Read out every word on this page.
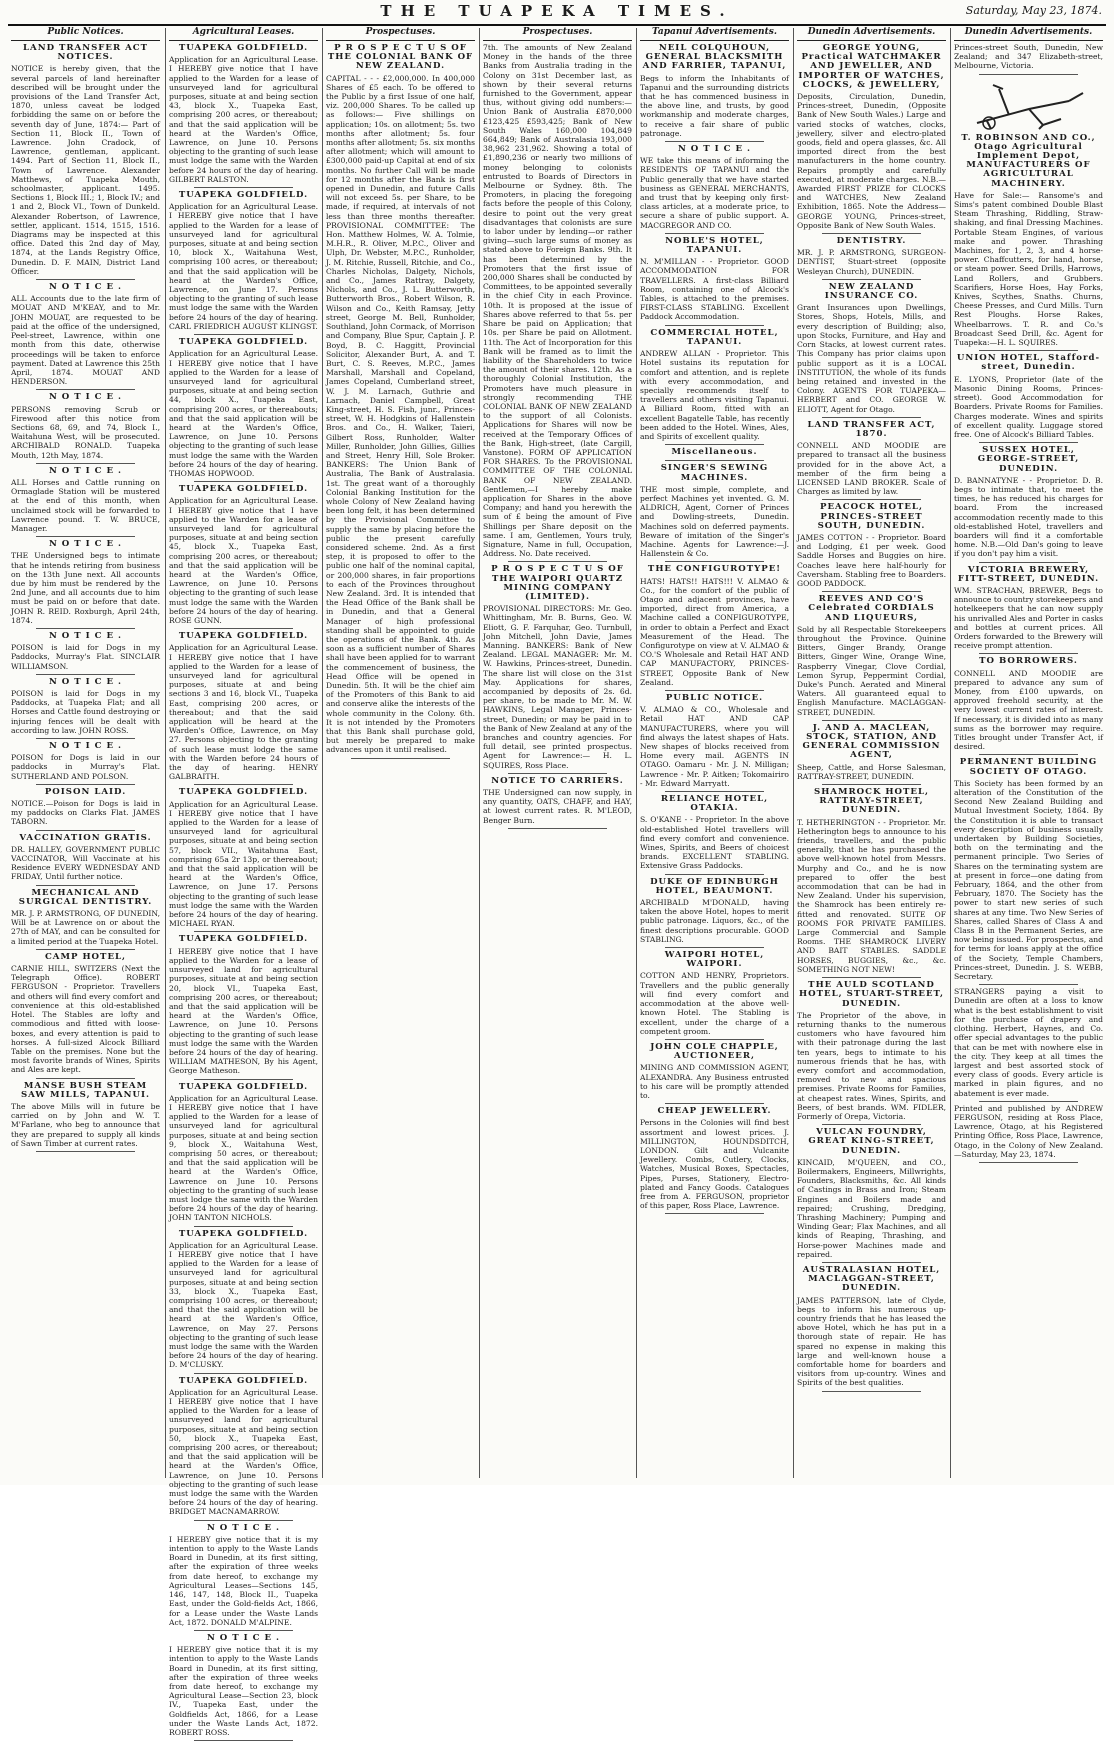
THE TUAPEKA TIMES.	Saturday, May 23, 1874.
Public Notices.
LAND TRANSFER ACT NOTICES.

NOTICE is hereby given, that the several parcels of land hereinafter described will be brought under the provisions of the Land Transfer Act, 1870, unless caveat be lodged forbidding the same on or before the seventh day of June, 1874:— Part of Section 11, Block II., Town of Lawrence. John Cradock, of Lawrence, gentleman, applicant. 1494. Part of Section 11, Block II., Town of Lawrence. Alexander Matthews, of Tuapeka Mouth, schoolmaster, applicant. 1495. Sections 1, Block III.; 1, Block IV.; and 1 and 2, Block VI., Town of Dunkeld. Alexander Robertson, of Lawrence, settler, applicant. 1514, 1515, 1516. Diagrams may be inspected at this office. Dated this 2nd day of May, 1874, at the Lands Registry Office, Dunedin. D. F. MAIN, District Land Officer.

N O T I C E .

ALL Accounts due to the late firm of MOUAT AND M'KEAY, and to Mr. JOHN MOUAT, are requested to be paid at the office of the undersigned, Peel-street, Lawrence, within one month from this date, otherwise proceedings will be taken to enforce payment. Dated at Lawrence this 25th April, 1874. MOUAT AND HENDERSON.

N O T I C E .

PERSONS removing Scrub or Firewood after this notice from Sections 68, 69, and 74, Block I., Waitahuna West, will be prosecuted. ARCHIBALD RONALD. Tuapeka Mouth, 12th May, 1874.

N O T I C E .

ALL Horses and Cattle running on Ormaglade Station will be mustered at the end of this month, when unclaimed stock will be forwarded to Lawrence pound. T. W. BRUCE, Manager.

N O T I C E .

THE Undersigned begs to intimate that he intends retiring from business on the 13th June next. All accounts due by him must be rendered by the 2nd June, and all accounts due to him must be paid on or before that date. JOHN R. REID. Roxburgh, April 24th, 1874.

N O T I C E .

POISON is laid for Dogs in my Paddocks, Murray's Flat. SINCLAIR WILLIAMSON.

N O T I C E .

POISON is laid for Dogs in my Paddocks, at Tuapeka Flat; and all Horses and Cattle found destroying or injuring fences will be dealt with according to law. JOHN ROSS.

N O T I C E .

POISON for Dogs is laid in our paddocks in Murray's Flat. SUTHERLAND AND POLSON.

POISON LAID.

NOTICE.—Poison for Dogs is laid in my paddocks on Clarks Flat. JAMES TABORN.

VACCINATION GRATIS.

DR. HALLEY, GOVERNMENT PUBLIC VACCINATOR, Will Vaccinate at his Residence EVERY WEDNESDAY AND FRIDAY, Until further notice.

MECHANICAL AND SURGICAL DENTISTRY.

MR. J. P. ARMSTRONG, OF DUNEDIN, Will be at Lawrence on or about the 27th of MAY, and can be consulted for a limited period at the Tuapeka Hotel.

CAMP HOTEL,

CARNIE HILL, SWITZERS (Next the Telegraph Office). ROBERT FERGUSON - Proprietor. Travellers and others will find every comfort and convenience at this old-established Hotel. The Stables are lofty and commodious and fitted with loose-boxes, and every attention is paid to horses. A full-sized Alcock Billiard Table on the premises. None but the most favorite brands of Wines, Spirits and Ales are kept.

MANSE BUSH STEAM SAW MILLS, TAPANUI.

The above Mills will in future be carried on by John and W. T. M'Farlane, who beg to announce that they are prepared to supply all kinds of Sawn Timber at current rates.

Agricultural Leases.
TUAPEKA GOLDFIELD.

Application for an Agricultural Lease. I HEREBY give notice that I have applied to the Warden for a lease of unsurveyed land for agricultural purposes, situate at and being section 43, block X., Tuapeka East, comprising 200 acres, or thereabout; and that the said application will be heard at the Warden's Office, Lawrence, on June 10. Persons objecting to the granting of such lease must lodge the same with the Warden before 24 hours of the day of hearing. GILBERT RALSTON.

TUAPEKA GOLDFIELD.

Application for an Agricultural Lease. I HEREBY give notice that I have applied to the Warden for a lease of unsurveyed land for agricultural purposes, situate at and being section 10, block X., Waitahuna West, comprising 100 acres, or thereabout; and that the said application will be heard at the Warden's Office, Lawrence, on June 17. Persons objecting to the granting of such lease must lodge the same with the Warden before 24 hours of the day of hearing. CARL FRIEDRICH AUGUST KLINGST.

TUAPEKA GOLDFIELD.

Application for an Agricultural Lease. I HEREBY give notice that I have applied to the Warden for a lease of unsurveyed land for agricultural purposes, situate at and being section 44, block X., Tuapeka East, comprising 200 acres, or thereabouts; and that the said application will be heard at the Warden's Office, Lawrence, on June 10. Persons objecting to the granting of such lease must lodge the same with the Warden before 24 hours of the day of hearing. THOMAS HOPWOOD.

TUAPEKA GOLDFIELD.

Application for an Agricultural Lease. I HEREBY give notice that I have applied to the Warden for a lease of unsurveyed land for agricultural purposes, situate at and being section 45, block X., Tuapeka East, comprising 200 acres, or thereabout; and that the said application will be heard at the Warden's Office, Lawrence, on June 10. Persons objecting to the granting of such lease must lodge the same with the Warden before 24 hours of the day of hearing. ROSE GUNN.

TUAPEKA GOLDFIELD.

Application for an Agricultural Lease. I HEREBY give notice that I have applied to the Warden for a lease of unsurveyed land for agricultural purposes, situate at and being sections 3 and 16, block VI., Tuapeka East, comprising 200 acres, or thereabout; and that the said application will be heard at the Warden's Office, Lawrence, on May 27. Persons objecting to the granting of such lease must lodge the same with the Warden before 24 hours of the day of hearing. HENRY GALBRAITH.

TUAPEKA GOLDFIELD.

Application for an Agricultural Lease. I HEREBY give notice that I have applied to the Warden for a lease of unsurveyed land for agricultural purposes, situate at and being section 57, block VII., Waitahuna East, comprising 65a 2r 13p, or thereabout; and that the said application will be heard at the Warden's Office, Lawrence, on June 17. Persons objecting to the granting of such lease must lodge the same with the Warden before 24 hours of the day of hearing. MICHAEL RYAN.

TUAPEKA GOLDFIELD.

I HEREBY give notice that I have applied to the Warden for a lease of unsurveyed land for agricultural purposes, situate at and being section 20, block VI., Tuapeka East, comprising 200 acres, or thereabout; and that the said application will be heard at the Warden's Office, Lawrence, on June 10. Persons objecting to the granting of such lease must lodge the same with the Warden before 24 hours of the day of hearing. WILLIAM MATHESON, By his Agent, George Matheson.

TUAPEKA GOLDFIELD.

Application for an Agricultural Lease. I HEREBY give notice that I have applied to the Warden for a lease of unsurveyed land for agricultural purposes, situate at and being section 9, block X., Waitahuna West, comprising 50 acres, or thereabout; and that the said application will be heard at the Warden's Office, Lawrence on June 10. Persons objecting to the granting of such lease must lodge the same with the Warden before 24 hours of the day of hearing. JOHN TANTON NICHOLS.

TUAPEKA GOLDFIELD.

Application for an Agricultural Lease. I HEREBY give notice that I have applied to the Warden for a lease of unsurveyed land for agricultural purposes, situate at and being section 33, block X., Tuapeka East, comprising 100 acres, or thereabout; and that the said application will be heard at the Warden's Office, Lawrence, on May 27. Persons objecting to the granting of such lease must lodge the same with the Warden before 24 hours of the day of hearing. D. M'CLUSKY.

TUAPEKA GOLDFIELD.

Application for an Agricultural Lease. I HEREBY give notice that I have applied to the Warden for a lease of unsurveyed land for agricultural purposes, situate at and being section 50, block X., Tuapeka East, comprising 200 acres, or thereabout; and that the said application will be heard at the Warden's Office, Lawrence, on June 10. Persons objecting to the granting of such lease must lodge the same with the Warden before 24 hours of the day of hearing. BRIDGET MACNAMARROW.

N O T I C E .

I HEREBY give notice that it is my intention to apply to the Waste Lands Board in Dunedin, at its first sitting, after the expiration of three weeks from date hereof, to exchange my Agricultural Leases—Sections 145, 146, 147, 148, Block II., Tuapeka East, under the Gold-fields Act, 1866, for a Lease under the Waste Lands Act, 1872. DONALD M'ALPINE.

N O T I C E .

I HEREBY give notice that it is my intention to apply to the Waste Lands Board in Dunedin, at its first sitting, after the expiration of three weeks from date hereof, to exchange my Agricultural Lease—Section 23, block IV., Tuapeka East, under the Goldfields Act, 1866, for a Lease under the Waste Lands Act, 1872. ROBERT ROSS.

Prospectuses.
P R O S P E C T U S OF THE COLONIAL BANK OF NEW ZEALAND.

CAPITAL - - - £2,000,000. In 400,000 Shares of £5 each. To be offered to the Public by a first Issue of one half, viz. 200,000 Shares. To be called up as follows:— Five shillings on application; 10s. on allotment; 5s. two months after allotment; 5s. four months after allotment; 5s. six months after allotment; which will amount to £300,000 paid-up Capital at end of six months. No further Call will be made for 12 months after the Bank is first opened in Dunedin, and future Calls will not exceed 5s. per Share, to be made, if required, at intervals of not less than three months thereafter. PROVISIONAL COMMITTEE: The Hon. Matthew Holmes, W. A. Tolmie, M.H.R., R. Oliver, M.P.C., Oliver and Ulph, Dr. Webster, M.P.C., Runholder, J. M. Ritchie, Russell, Ritchie, and Co., Charles Nicholas, Dalgety, Nichols, and Co., James Rattray, Dalgety, Nichols, and Co., J. L. Butterworth, Butterworth Bros., Robert Wilson, R. Wilson and Co., Keith Ramsay, Jetty street, George M. Bell, Runholder, Southland, John Cormack, of Morrison and Company, Blue Spur, Captain J. P. Boyd, B. C. Haggitt, Provincial Solicitor, Alexander Burt, A. and T. Burt, C. S. Reeves, M.P.C., James Marshall, Marshall and Copeland, James Copeland, Cumberland street, W. J. M. Larnach, Guthrie and Larnach, Daniel Campbell, Great King-street, H. S. Fish, junr., Princes-street, W. H. Hodgkins of Hallenstein Bros. and Co., H. Walker, Taieri, Gilbert Ross, Runholder, Walter Miller, Runholder, John Gillies, Gillies and Street, Henry Hill, Sole Broker. BANKERS: The Union Bank of Australia, The Bank of Australasia. 1st. The great want of a thoroughly Colonial Banking Institution for the whole Colony of New Zealand having been long felt, it has been determined by the Provisional Committee to supply the same by placing before the public the present carefully considered scheme. 2nd. As a first step, it is proposed to offer to the public one half of the nominal capital, or 200,000 shares, in fair proportions to each of the Provinces throughout New Zealand. 3rd. It is intended that the Head Office of the Bank shall be in Dunedin, and that a General Manager of high professional standing shall be appointed to guide the operations of the Bank. 4th. As soon as a sufficient number of Shares shall have been applied for to warrant the commencement of business, the Head Office will be opened in Dunedin. 5th. It will be the chief aim of the Promoters of this Bank to aid and conserve alike the interests of the whole community in the Colony. 6th. It is not intended by the Promoters that this Bank shall purchase gold, but merely be prepared to make advances upon it until realised.

Prospectuses.

7th. The amounts of New Zealand Money in the hands of the three Banks from Australia trading in the Colony on 31st December last, as shown by their several returns furnished to the Government, appear thus, without giving odd numbers:— Union Bank of Australia £870,000 £123,425 £593,425; Bank of New South Wales 160,000 104,849 664,849; Bank of Australasia 193,000 38,962 231,962. Showing a total of £1,890,236 or nearly two millions of money belonging to colonists entrusted to Boards of Directors in Melbourne or Sydney. 8th. The Promoters, in placing the foregoing facts before the people of this Colony, desire to point out the very great disadvantages that colonists are sure to labor under by lending—or rather giving—such large sums of money as stated above to Foreign Banks. 9th. It has been determined by the Promoters that the first issue of 200,000 Shares shall be conducted by Committees, to be appointed severally in the chief City in each Province. 10th. It is proposed at the issue of Shares above referred to that 5s. per Share be paid on Application; that 10s. per Share be paid on Allotment. 11th. The Act of Incorporation for this Bank will be framed as to limit the liability of the Shareholders to twice the amount of their shares. 12th. As a thoroughly Colonial Institution, the Promoters have much pleasure in strongly recommending THE COLONIAL BANK OF NEW ZEALAND to the support of all Colonists. Applications for Shares will now be received at the Temporary Offices of the Bank, High-street, (late Cargill, Vanstone). FORM OF APPLICATION FOR SHARES. To the PROVISIONAL COMMITTEE OF THE COLONIAL BANK OF NEW ZEALAND. Gentlemen,—I hereby make application for Shares in the above Company; and hand you herewith the sum of £ being the amount of Five Shillings per Share deposit on the same. I am, Gentlemen, Yours truly, Signature, Name in full, Occupation, Address. No. Date received.

P R O S P E C T U S OF THE WAIPORI QUARTZ MINING COMPANY (LIMITED).

PROVISIONAL DIRECTORS: Mr. Geo. Whittingham, Mr. B. Burns, Geo. W. Eliott, G. F. Farquhar, Geo. Turnbull, John Mitchell, John Davie, James Manning. BANKERS: Bank of New Zealand. LEGAL MANAGER: Mr. M. W. Hawkins, Princes-street, Dunedin. The share list will close on the 31st May. Applications for shares, accompanied by deposits of 2s. 6d. per share, to be made to Mr. M. W. HAWKINS, Legal Manager, Princes-street, Dunedin; or may be paid in to the Bank of New Zealand at any of the branches and country agencies. For full detail, see printed prospectus. Agent for Lawrence:— H. L. SQUIRES, Ross Place.

NOTICE TO CARRIERS.

THE Undersigned can now supply, in any quantity, OATS, CHAFF, and HAY, at lowest current rates. R. M'LEOD, Benger Burn.

Tapanui Advertisements.
NEIL COLQUHOUN, GENERAL BLACKSMITH AND FARRIER, TAPANUI,

Begs to inform the Inhabitants of Tapanui and the surrounding districts that he has commenced business in the above line, and trusts, by good workmanship and moderate charges, to receive a fair share of public patronage.

N O T I C E .

WE take this means of informing the RESIDENTS OF TAPANUI and the Public generally that we have started business as GENERAL MERCHANTS, and trust that by keeping only first-class articles, at a moderate price, to secure a share of public support. A. MACGREGOR AND CO.

NOBLE'S HOTEL, TAPANUI.

N. M'MILLAN - - Proprietor. GOOD ACCOMMODATION FOR TRAVELLERS. A first-class Billiard Room, containing one of Alcock's Tables, is attached to the premises. FIRST-CLASS STABLING. Excellent Paddock Accommodation.

COMMERCIAL HOTEL, TAPANUI.

ANDREW ALLAN - Proprietor. This Hotel sustains its reputation for comfort and attention, and is replete with every accommodation, and specially recommends itself to travellers and others visiting Tapanui. A Billiard Room, fitted with an excellent Bagatelle Table, has recently been added to the Hotel. Wines, Ales, and Spirits of excellent quality.

Miscellaneous.
SINGER'S SEWING MACHINES.

THE most simple, complete, and perfect Machines yet invented. G. M. ALDRICH, Agent, Corner of Princes and Dowling-streets, Dunedin. Machines sold on deferred payments. Beware of imitation of the Singer's Machine. Agents for Lawrence:—J. Hallenstein & Co.

THE CONFIGUROTYPE!

HATS! HATS!! HATS!!! V. ALMAO & Co., for the comfort of the public of Otago and adjacent provinces, have imported, direct from America, a Machine called a CONFIGUROTYPE, in order to obtain a Perfect and Exact Measurement of the Head. The Configurotype on view at V. ALMAO & CO.'S Wholesale and Retail HAT AND CAP MANUFACTORY, PRINCES-STREET, Opposite Bank of New Zealand.

PUBLIC NOTICE.

V. ALMAO & CO., Wholesale and Retail HAT AND CAP MANUFACTURERS, where you will find always the latest shapes of Hats. New shapes of blocks received from Home every mail. AGENTS IN OTAGO. Oamaru - Mr. J. N. Milligan; Lawrence - Mr. P. Aitken; Tokomairiro - Mr. Edward Marryatt.

RELIANCE HOTEL, OTAKIA.

S. O'KANE - - Proprietor. In the above old-established Hotel travellers will find every comfort and convenience. Wines, Spirits, and Beers of choicest brands. EXCELLENT STABLING. Extensive Grass Paddocks.

DUKE OF EDINBURGH HOTEL, BEAUMONT.

ARCHIBALD M'DONALD, having taken the above Hotel, hopes to merit public patronage. Liquors, &c., of the finest descriptions procurable. GOOD STABLING.

WAIPORI HOTEL, WAIPORI.

COTTON AND HENRY, Proprietors. Travellers and the public generally will find every comfort and accommodation at the above well-known Hotel. The Stabling is excellent, under the charge of a competent groom.

JOHN COLE CHAPPLE, AUCTIONEER,

MINING AND COMMISSION AGENT, ALEXANDRA. Any Business entrusted to his care will be promptly attended to.

CHEAP JEWELLERY.

Persons in the Colonies will find best assortment and lowest prices. J. MILLINGTON, HOUNDSDITCH, LONDON. Gilt and Vulcanite Jewellery. Combs, Cutlery, Clocks, Watches, Musical Boxes, Spectacles, Pipes, Purses, Stationery, Electro-plated and Fancy Goods. Catalogues free from A. FERGUSON, proprietor of this paper, Ross Place, Lawrence.

Dunedin Advertisements.
GEORGE YOUNG, Practical WATCHMAKER AND JEWELLER, AND IMPORTER OF WATCHES, CLOCKS, & JEWELLERY,

Deposits, Circulation, Dunedin, Princes-street, Dunedin, (Opposite Bank of New South Wales.) Large and varied stocks of watches, clocks, jewellery, silver and electro-plated goods, field and opera glasses, &c. All imported direct from the best manufacturers in the home country. Repairs promptly and carefully executed, at moderate charges. N.B.—Awarded FIRST PRIZE for CLOCKS and WATCHES, New Zealand Exhibition, 1865. Note the Address— GEORGE YOUNG, Princes-street, Opposite Bank of New South Wales.

DENTISTRY.

MR. J. P. ARMSTRONG, SURGEON-DENTIST, Stuart-street (opposite Wesleyan Church), DUNEDIN.

NEW ZEALAND INSURANCE CO.

Grant Insurances upon Dwellings, Stores, Shops, Hotels, Mills, and every description of Building; also, upon Stocks, Furniture, and Hay and Corn Stacks, at lowest current rates. This Company has prior claims upon public support as it is a LOCAL INSTITUTION, the whole of its funds being retained and invested in the Colony. AGENTS FOR TUAPEKA—HERBERT and CO. GEORGE W. ELIOTT, Agent for Otago.

LAND TRANSFER ACT, 1870.

CONNELL AND MOODIE are prepared to transact all the business provided for in the above Act, a member of the firm being a LICENSED LAND BROKER. Scale of Charges as limited by law.

PEACOCK HOTEL, PRINCES-STREET SOUTH, DUNEDIN.

JAMES COTTON - - Proprietor. Board and Lodging, £1 per week. Good Saddle Horses and Buggies on hire. Coaches leave here half-hourly for Caversham. Stabling free to Boarders. GOOD PADDOCK.

REEVES AND CO'S Celebrated CORDIALS AND LIQUEURS,

Sold by all Respectable Storekeepers throughout the Province. Quinine Bitters, Ginger Brandy, Orange Bitters, Ginger Wine, Orange Wine, Raspberry Vinegar, Clove Cordial, Lemon Syrup, Peppermint Cordial, Duke's Punch. Aerated and Mineral Waters. All guaranteed equal to English Manufacture. MACLAGGAN-STREET, DUNEDIN.

J. AND A. MACLEAN, STOCK, STATION, AND GENERAL COMMISSION AGENT,

Sheep, Cattle, and Horse Salesman, RATTRAY-STREET, DUNEDIN.

SHAMROCK HOTEL, RATTRAY-STREET, DUNEDIN.

T. HETHERINGTON - - Proprietor. Mr. Hetherington begs to announce to his friends, travellers, and the public generally, that he has purchased the above well-known hotel from Messrs. Murphy and Co., and he is now prepared to offer the best accommodation that can be had in New Zealand. Under his supervision, the Shamrock has been entirely re-fitted and renovated. SUITE OF ROOMS FOR PRIVATE FAMILIES. Large Commercial and Sample Rooms. THE SHAMROCK LIVERY AND BAIT STABLES. SADDLE HORSES, BUGGIES, &c., &c. SOMETHING NOT NEW!

THE AULD SCOTLAND HOTEL, STUART-STREET, DUNEDIN.

The Proprietor of the above, in returning thanks to the numerous customers who have favoured him with their patronage during the last ten years, begs to intimate to his numerous friends that he has, with every comfort and accommodation, removed to new and spacious premises. Private Rooms for Families, at cheapest rates. Wines, Spirits, and Beers, of best brands. WM. FIDLER, Formerly of Orepa, Victoria.

VULCAN FOUNDRY, GREAT KING-STREET, DUNEDIN.

KINCAID, M'QUEEN, and CO., Boilermakers, Engineers, Millwrights, Founders, Blacksmiths, &c. All kinds of Castings in Brass and Iron; Steam Engines and Boilers made and repaired; Crushing, Dredging, Thrashing Machinery; Pumping and Winding Gear; Flax Machines, and all kinds of Reaping, Thrashing, and Horse-power Machines made and repaired.

AUSTRALASIAN HOTEL, MACLAGGAN-STREET, DUNEDIN.

JAMES PATTERSON, late of Clyde, begs to inform his numerous up-country friends that he has leased the above Hotel, which he has put in a thorough state of repair. He has spared no expense in making this large and well-known house a comfortable home for boarders and visitors from up-country. Wines and Spirits of the best qualities.

Dunedin Advertisements.

Princes-street South, Dunedin, New Zealand; and 347 Elizabeth-street, Melbourne, Victoria.

T. ROBINSON AND CO., Otago Agricultural Implement Depot, MANUFACTURERS OF AGRICULTURAL MACHINERY.

Have for Sale:— Ransome's and Sims's patent combined Double Blast Steam Thrashing, Riddling, Straw-shaking, and final Dressing Machines. Portable Steam Engines, of various make and power. Thrashing Machines, for 1, 2, 3, and 4 horse-power. Chaffcutters, for hand, horse, or steam power. Seed Drills, Harrows, Land Rollers, and Grubbers. Scarifiers, Horse Hoes, Hay Forks, Knives, Scythes, Snaths. Churns, Cheese Presses, and Curd Mills. Turn Rest Ploughs. Horse Rakes, Wheelbarrows. T. R. and Co.'s Broadcast Seed Drill, &c. Agent for Tuapeka:—H. L. SQUIRES.

UNION HOTEL, Stafford-street, Dunedin.

E. LYONS, Proprietor (late of the Masonic Dining Rooms, Princes-street). Good Accommodation for Boarders. Private Rooms for Families. Charges moderate. Wines and spirits of excellent quality. Luggage stored free. One of Alcock's Billiard Tables.

SUSSEX HOTEL, GEORGE-STREET, DUNEDIN.

D. BANNATYNE - - Proprietor. D. B. begs to intimate that, to meet the times, he has reduced his charges for board. From the increased accommodation recently made to this old-established Hotel, travellers and boarders will find it a comfortable home. N.B.—Old Dan's going to leave if you don't pay him a visit.

VICTORIA BREWERY, FITT-STREET, DUNEDIN.

WM. STRACHAN, BREWER, Begs to announce to country storekeepers and hotelkeepers that he can now supply his unrivalled Ales and Porter in casks and bottles at current prices. All Orders forwarded to the Brewery will receive prompt attention.

TO BORROWERS.

CONNELL AND MOODIE are prepared to advance any sum of Money, from £100 upwards, on approved freehold security, at the very lowest current rates of interest. If necessary, it is divided into as many sums as the borrower may require. Titles brought under Transfer Act, if desired.

PERMANENT BUILDING SOCIETY OF OTAGO.

This Society has been formed by an alteration of the Constitution of the Second New Zealand Building and Mutual Investment Society, 1864. By the Constitution it is able to transact every description of business usually undertaken by Building Societies, both on the terminating and the permanent principle. Two Series of Shares on the terminating system are at present in force—one dating from February, 1864, and the other from February, 1870. The Society has the power to start new series of such shares at any time. Two New Series of Shares, called Shares of Class A and Class B in the Permanent Series, are now being issued. For prospectus, and for terms for loans apply at the office of the Society, Temple Chambers, Princes-street, Dunedin. J. S. WEBB, Secretary.

STRANGERS paying a visit to Dunedin are often at a loss to know what is the best establishment to visit for the purchase of drapery and clothing. Herbert, Haynes, and Co. offer special advantages to the public that can be met with nowhere else in the city. They keep at all times the largest and best assorted stock of every class of goods. Every article is marked in plain figures, and no abatement is ever made.

Printed and published by ANDREW FERGUSON, residing at Ross Place, Lawrence, Otago, at his Registered Printing Office, Ross Place, Lawrence, Otago, in the Colony of New Zealand.—Saturday, May 23, 1874.
